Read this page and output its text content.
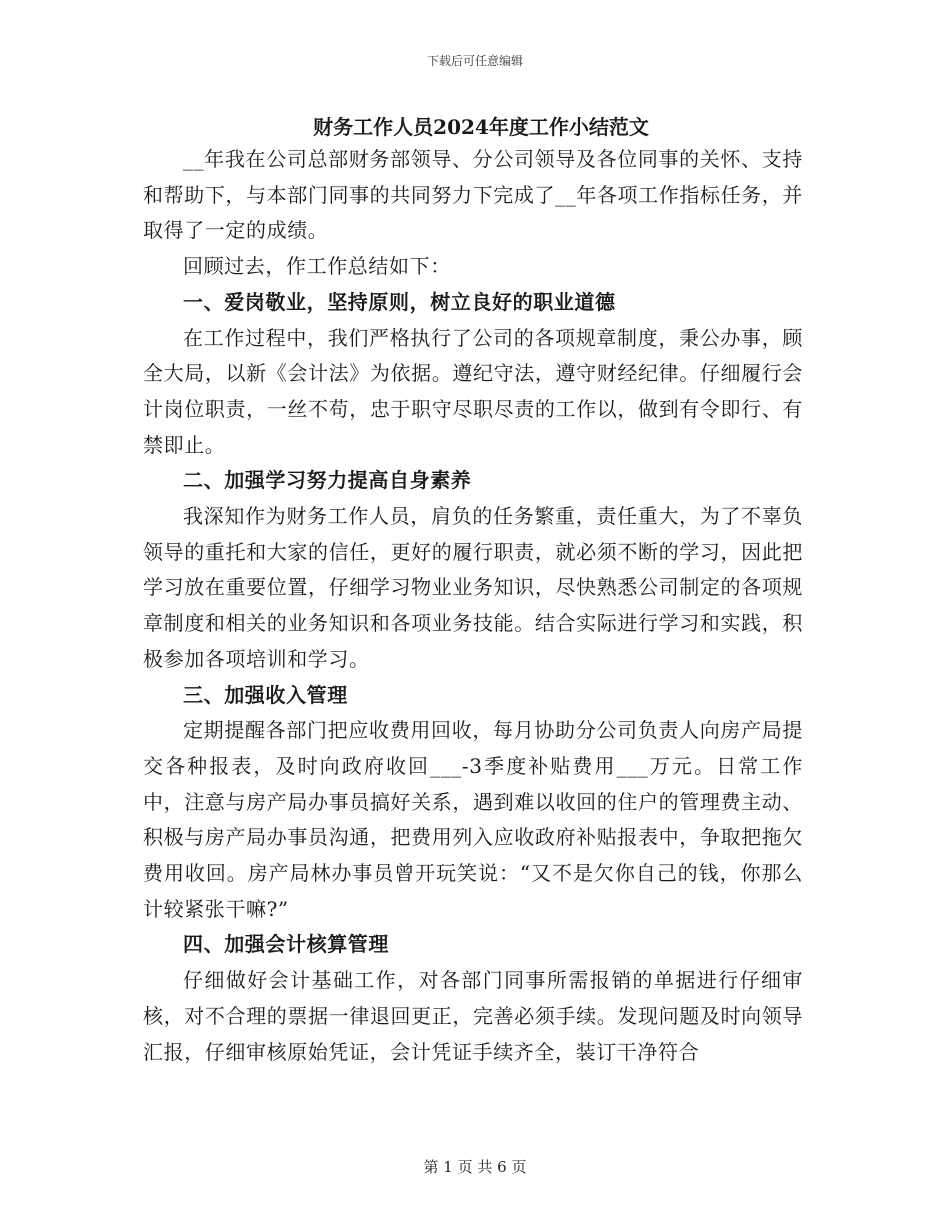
下载后可任意编辑
财务工作人员2024年度工作小结范文

__年我在公司总部财务部领导、分公司领导及各位同事的关怀、支持和帮助下，与本部门同事的共同努力下完成了__年各项工作指标任务，并取得了一定的成绩。

回顾过去，作工作总结如下：

一、爱岗敬业，坚持原则，树立良好的职业道德

在工作过程中，我们严格执行了公司的各项规章制度，秉公办事，顾全大局，以新《会计法》为依据。遵纪守法，遵守财经纪律。仔细履行会计岗位职责，一丝不苟，忠于职守尽职尽责的工作以，做到有令即行、有禁即止。

二、加强学习努力提高自身素养

我深知作为财务工作人员，肩负的任务繁重，责任重大，为了不辜负领导的重托和大家的信任，更好的履行职责，就必须不断的学习，因此把学习放在重要位置，仔细学习物业业务知识，尽快熟悉公司制定的各项规章制度和相关的业务知识和各项业务技能。结合实际进行学习和实践，积极参加各项培训和学习。

三、加强收入管理

定期提醒各部门把应收费用回收，每月协助分公司负责人向房产局提交各种报表，及时向政府收回___-3季度补贴费用___万元。日常工作中，注意与房产局办事员搞好关系，遇到难以收回的住户的管理费主动、积极与房产局办事员沟通，把费用列入应收政府补贴报表中，争取把拖欠费用收回。房产局林办事员曾开玩笑说：“又不是欠你自己的钱，你那么计较紧张干嘛?”

四、加强会计核算管理

仔细做好会计基础工作，对各部门同事所需报销的单据进行仔细审核，对不合理的票据一律退回更正，完善必须手续。发现问题及时向领导汇报，仔细审核原始凭证，会计凭证手续齐全，装订干净符合

第 1 页 共 6 页
